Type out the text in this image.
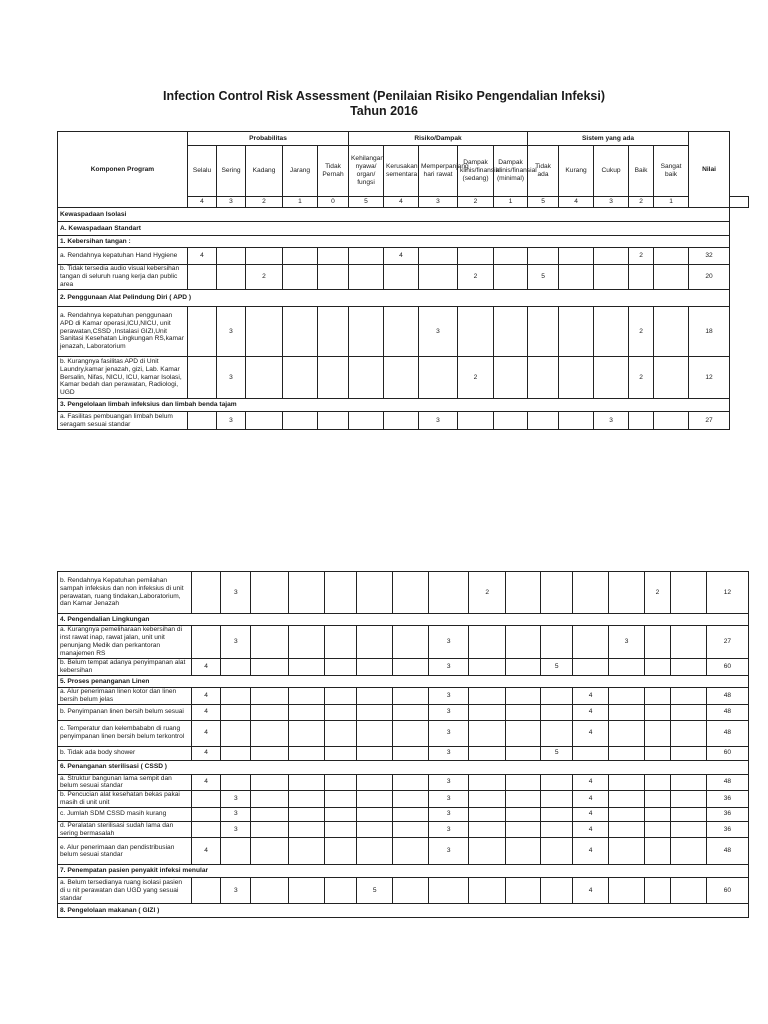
Infection Control Risk Assessment (Penilaian Risiko Pengendalian Infeksi)
Tahun 2016
Komponen Program	Probabilitas					Risiko/Dampak					Sistem yang ada					Nilai	
	Selalu	Sering	Kadang	Jarang	Tidak Pernah	Kehilangan nyawa/ organ/ fungsi	Kerusakan sementara	Memperpanjang hari rawat	Dampak klinis/finansial (sedang)	Dampak klinis/finansial (minimal)	Tidak ada	Kurang	Cukup	Baik	Sangat baik		
	4	3	2	1	0	5	4	3	2	1	5	4	3	2	1		
Kewaspadaan Isolasi																	
A. Kewaspadaan Standart																	
1. Kebersihan tangan :																	
a. Rendahnya kepatuhan Hand Hygiene	4						4							2		32	
b. Tidak tersedia audio visual kebersihan tangan di seluruh ruang kerja dan public area			2						2		5					20	
2. Penggunaan Alat Pelindung Diri ( APD )																	
a. Rendahnya kepatuhan penggunaan APD di Kamar operasi,ICU,NICU, unit perawatan,CSSD ,Instalasi GIZI,Unit Sanitasi Kesehatan Lingkungan RS,kamar jenazah, Laboratorium		3						3						2		18	
b. Kurangnya fasilitas APD di Unit Laundry,kamar jenazah, gizi, Lab. Kamar Bersalin, Nifas, NICU, ICU, kamar Isolasi, Kamar bedah dan perawatan, Radiologi, UGD		3							2					2		12	
3. Pengelolaan limbah infeksius dan limbah benda tajam																	
a. Fasilitas pembuangan limbah belum seragam sesuai standar		3						3					3			27	
b. Rendahnya Kepatuhan pemilahan sampah infeksius dan non infeksius di unit perawatan, ruang tindakan,Laboratorium, dan Kamar Jenazah		3							2					2		12
4. Pengendalian Lingkungan																
a. Kurangnya pemeliharaan kebersihan di inst rawat inap, rawat jalan, unit unit penunjang Medik dan perkantoran manajemen RS		3						3					3			27
b. Belum tempat adanya penyimpanan alat kebersihan	4							3			5					60
5. Proses penanganan Linen																
a. Alur penerimaan linen kotor dan linen bersih belum jelas	4							3				4				48
b. Penyimpanan linen bersih belum sesuai	4							3				4				48
c. Temperatur dan kelembababn di ruang penyimpanan linen bersih belum terkontrol	4							3				4				48
b. Tidak ada body shower	4							3			5					60
6. Penanganan sterilisasi ( CSSD )																
a. Struktur bangunan lama sempit dan belum sesuai standar	4							3				4				48
b. Pencucian alat kesehatan bekas pakai masih di unit unit		3						3				4				36
c. Jumlah SDM CSSD masih kurang		3						3				4				36
d. Peralatan sterilisasi sudah lama dan sering bermasalah		3						3				4				36
e. Alur penerimaan dan pendistribusian belum sesuai standar	4							3				4				48
7. Penempatan pasien penyakit infeksi menular																
a. Belum tersedianya ruang isolasi pasien di u nit perawatan dan UGD yang sesuai standar		3				5						4				60
8. Pengelolaan makanan ( GIZI )																
